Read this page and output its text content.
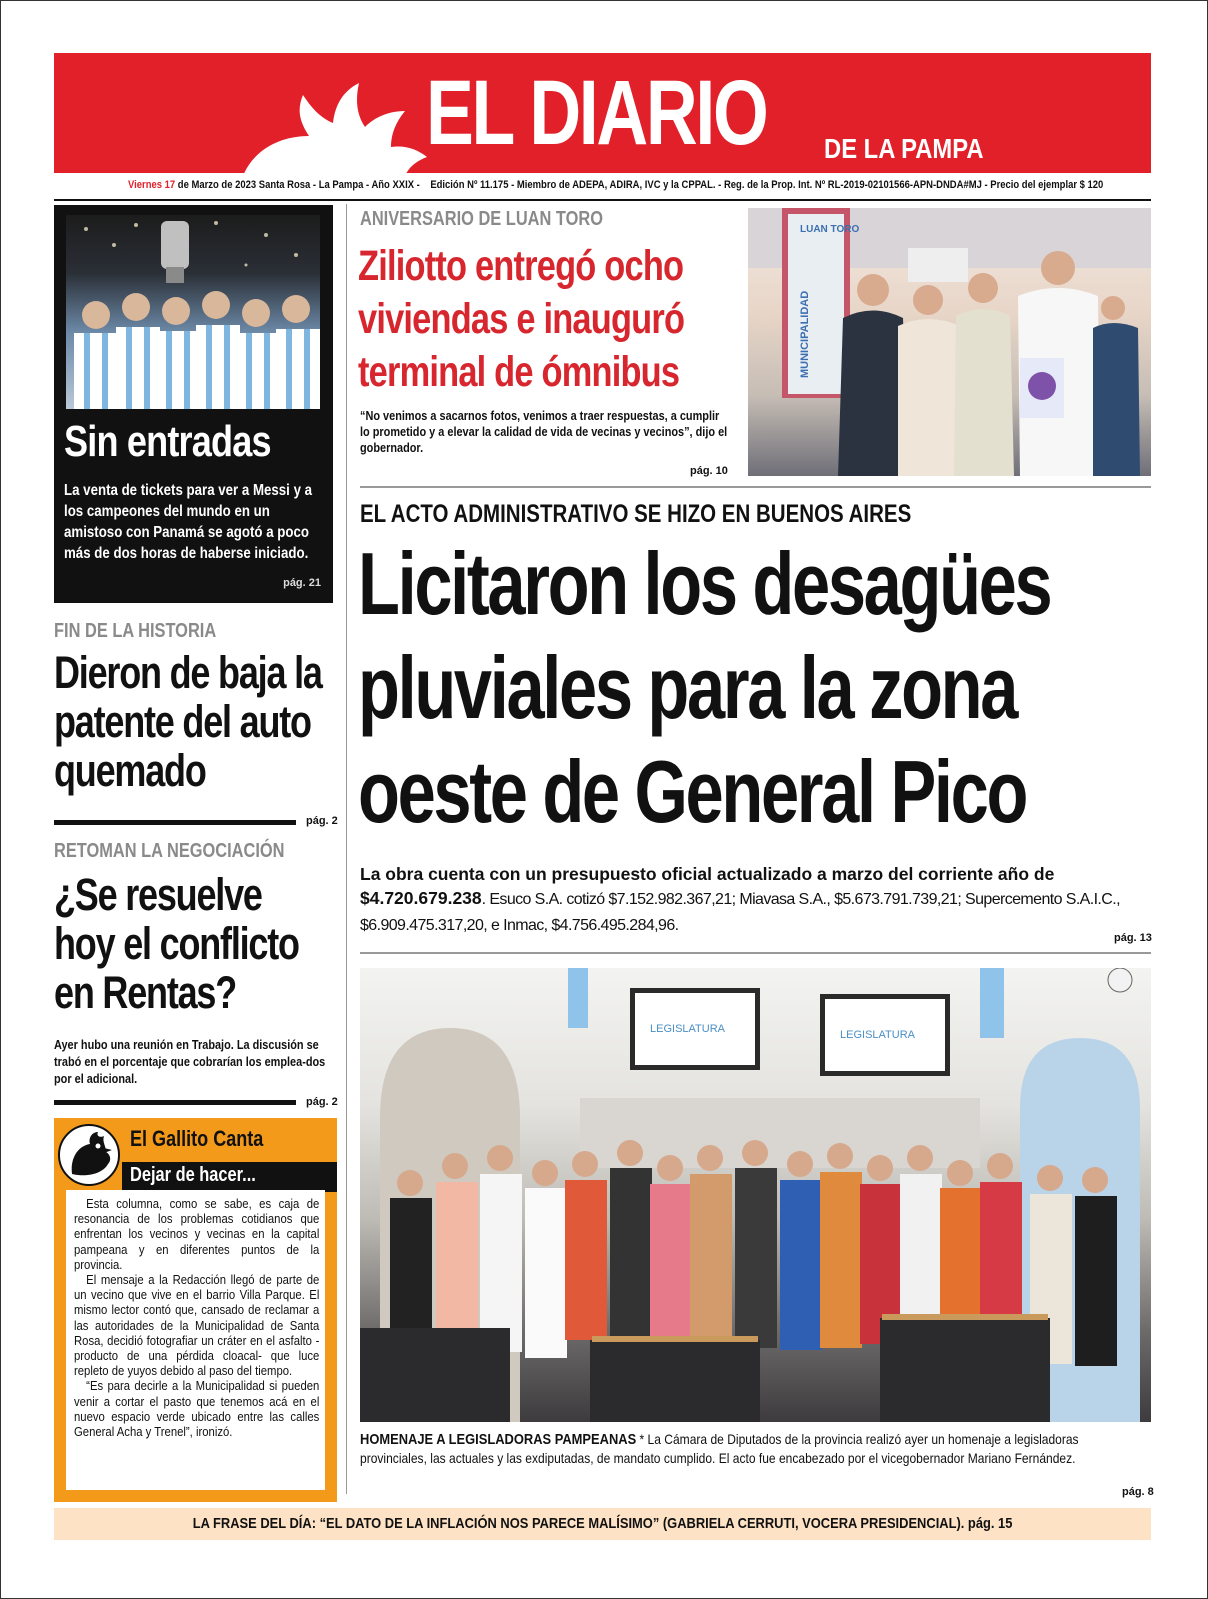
EL DIARIO DE LA PAMPA
Viernes 17 de Marzo de 2023 Santa Rosa - La Pampa - Año XXIX - Edición Nº 11.175 - Miembro de ADEPA, ADIRA, IVC y la CPPAL. - Reg. de la Prop. Int. Nº RL-2019-02101566-APN-DNDA#MJ - Precio del ejemplar $ 120
Sin entradas
La venta de tickets para ver a Messi y a los campeones del mundo en un amistoso con Panamá se agotó a poco más de dos horas de haberse iniciado.
pág. 21
FIN DE LA HISTORIA
Dieron de baja la patente del auto quemado
pág. 2
RETOMAN LA NEGOCIACIÓN
¿Se resuelve hoy el conflicto en Rentas?
Ayer hubo una reunión en Trabajo. La discusión se trabó en el porcentaje que cobrarían los emplea-dos por el adicional.
pág. 2
El Gallito Canta
Dejar de hacer...

Esta columna, como se sabe, es caja de resonancia de los problemas cotidianos que enfrentan los vecinos y vecinas en la capital pampeana y en diferentes puntos de la provincia.

El mensaje a la Redacción llegó de parte de un vecino que vive en el barrio Villa Parque. El mismo lector contó que, cansado de reclamar a las autoridades de la Municipalidad de Santa Rosa, decidió fotografiar un cráter en el asfalto -producto de una pérdida cloacal- que luce repleto de yuyos debido al paso del tiempo.

“Es para decirle a la Municipalidad si pueden venir a cortar el pasto que tenemos acá en el nuevo espacio verde ubicado entre las calles General Acha y Trenel”, ironizó.

ANIVERSARIO DE LUAN TORO
Ziliotto entregó ocho viviendas e inauguró terminal de ómnibus
“No venimos a sacarnos fotos, venimos a traer respuestas, a cumplir lo prometido y a elevar la calidad de vida de vecinas y vecinos”, dijo el gobernador.
pág. 10
LUAN TORO
MUNICIPALIDAD
EL ACTO ADMINISTRATIVO SE HIZO EN BUENOS AIRES
Licitaron los desagües pluviales para la zona oeste de General Pico
La obra cuenta con un presupuesto oficial actualizado a marzo del corriente año de $4.720.679.238. Esuco S.A. cotizó $7.152.982.367,21; Miavasa S.A., $5.673.791.739,21; Supercemento S.A.I.C., $6.909.475.317,20, e Inmac, $4.756.495.284,96.
pág. 13
LEGISLATURA	LEGISLATURA
HOMENAJE A LEGISLADORAS PAMPEANAS * La Cámara de Diputados de la provincia realizó ayer un homenaje a legisladoras provinciales, las actuales y las exdiputadas, de mandato cumplido. El acto fue encabezado por el vicegobernador Mariano Fernández.
pág. 8
LA FRASE DEL DÍA: “EL DATO DE LA INFLACIÓN NOS PARECE MALÍSIMO” (GABRIELA CERRUTI, VOCERA PRESIDENCIAL). pág. 15
